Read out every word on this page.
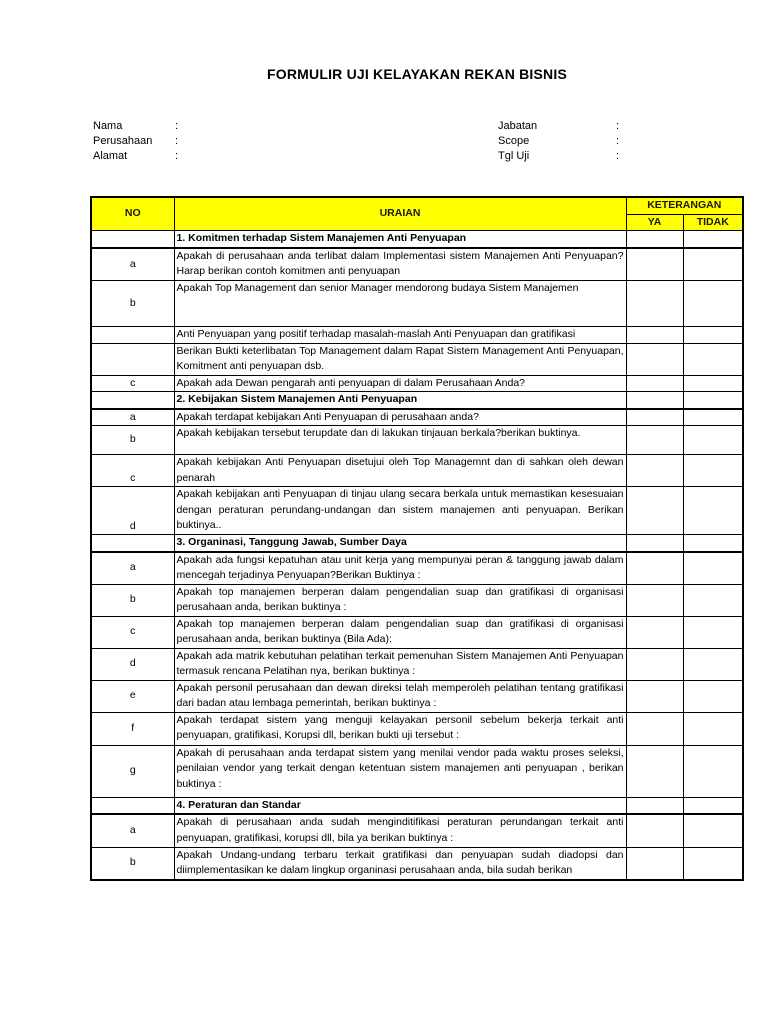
FORMULIR UJI KELAYAKAN REKAN BISNIS
Nama	:
Perusahaan	:
Alamat	:
Jabatan	:
Scope	:
Tgl Uji	:
NO	URAIAN	KETERANGAN	
		YA	TIDAK
	1. Komitmen terhadap Sistem Manajemen Anti Penyuapan		
a	Apakah di perusahaan anda terlibat dalam Implementasi sistem Manajemen Anti Penyuapan? Harap berikan contoh komitmen anti penyuapan		
b	Apakah Top Management dan senior Manager mendorong budaya Sistem Manajemen		
	Anti Penyuapan yang positif terhadap masalah-maslah Anti Penyuapan dan gratifikasi		
	Berikan Bukti keterlibatan Top Management dalam Rapat Sistem Management Anti Penyuapan, Komitment anti penyuapan dsb.		
c	Apakah ada Dewan pengarah anti penyuapan di dalam Perusahaan Anda?		
	2. Kebijakan Sistem Manajemen Anti Penyuapan		
a	Apakah terdapat kebijakan Anti Penyuapan di perusahaan anda?		
b	Apakah kebijakan tersebut terupdate dan di lakukan tinjauan berkala?berikan buktinya.		
c	Apakah kebijakan Anti Penyuapan disetujui oleh Top Managemnt dan di sahkan oleh dewan penarah		
d	Apakah kebijakan anti Penyuapan di tinjau ulang secara berkala untuk memastikan kesesuaian dengan peraturan perundang-undangan dan sistem manajemen anti penyuapan. Berikan buktinya..		
	3. Organinasi, Tanggung Jawab, Sumber Daya		
a	Apakah ada fungsi kepatuhan atau unit kerja yang mempunyai peran & tanggung jawab dalam mencegah terjadinya Penyuapan?Berikan Buktinya :		
b	Apakah top manajemen berperan dalam pengendalian suap dan gratifikasi di organisasi perusahaan anda, berikan buktinya :		
c	Apakah top manajemen berperan dalam pengendalian suap dan gratifikasi di organisasi perusahaan anda, berikan buktinya (Bila Ada):		
d	Apakah ada matrik kebutuhan pelatihan terkait pemenuhan Sistem Manajemen Anti Penyuapan termasuk rencana Pelatihan nya, berikan buktinya :		
e	Apakah personil perusahaan dan dewan direksi telah memperoleh pelatihan tentang gratifikasi dari badan atau lembaga pemerintah, berikan buktinya :		
f	Apakah terdapat sistem yang menguji kelayakan personil sebelum bekerja terkait anti penyuapan, gratifikasi, Korupsi dll, berikan bukti uji tersebut :		
g	Apakah di perusahaan anda terdapat sistem yang menilai vendor pada waktu proses seleksi, penilaian vendor yang terkait dengan ketentuan sistem manajemen anti penyuapan , berikan buktinya :		
	4. Peraturan dan Standar		
a	Apakah di perusahaan anda sudah menginditifikasi peraturan perundangan terkait anti penyuapan, gratifikasi, korupsi dll, bila ya berikan buktinya :		
b	Apakah Undang-undang terbaru terkait gratifikasi dan penyuapan sudah diadopsi dan diimplementasikan ke dalam lingkup organinasi perusahaan anda, bila sudah berikan		
